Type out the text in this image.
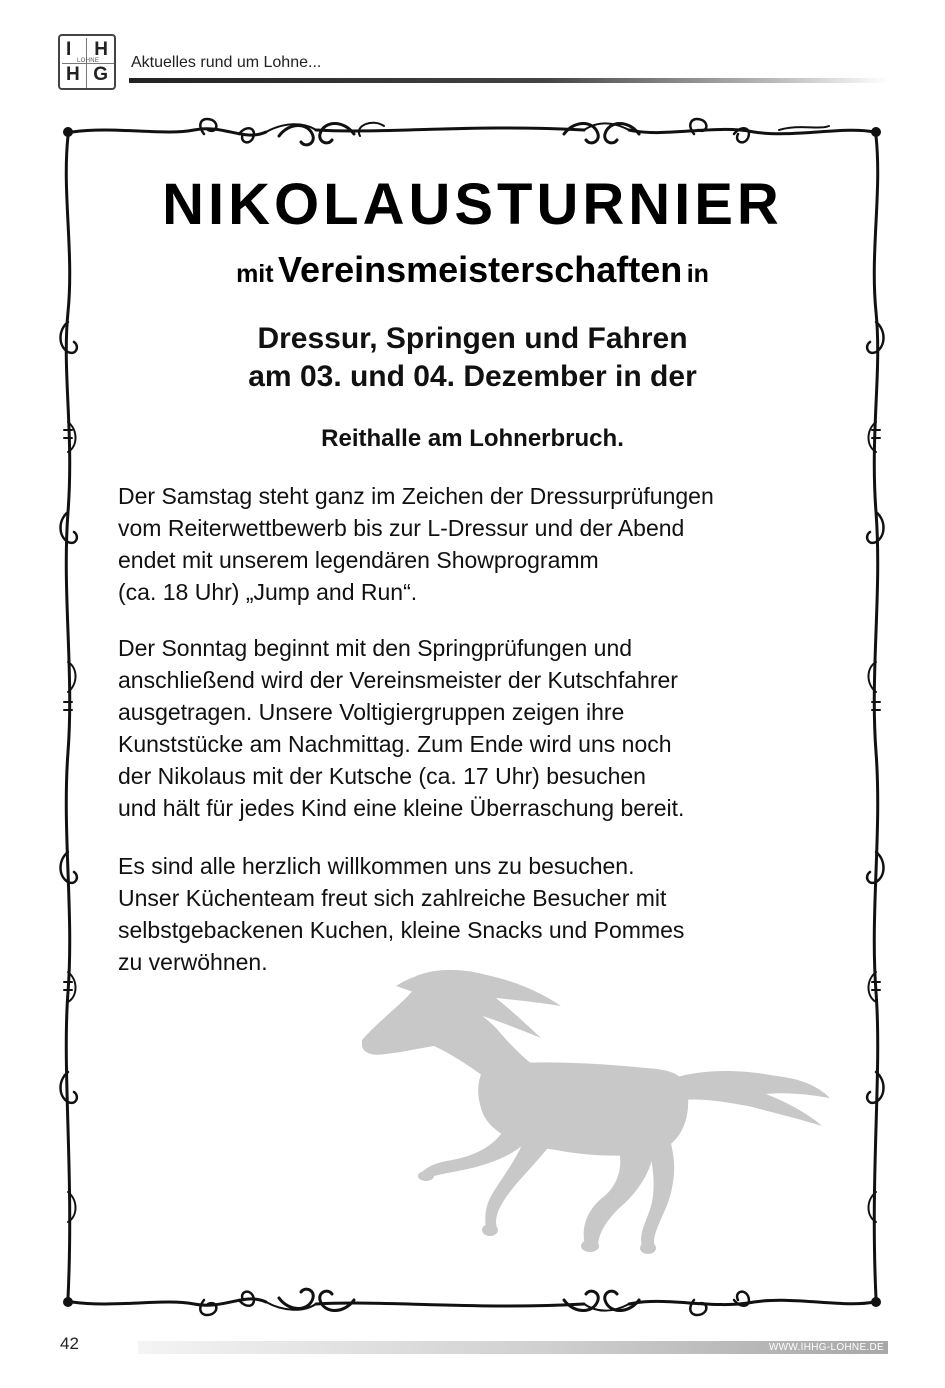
I H
H G
LOHNE Aktuelles rund um Lohne...
NIKOLAUSTURNIER
mit Vereinsmeisterschaften in
Dressur, Springen und Fahren
am 03. und 04. Dezember in der
Reithalle am Lohnerbruch.
Der Samstag steht ganz im Zeichen der Dressurprüfungen
vom Reiterwettbewerb bis zur L-Dressur und der Abend
endet mit unserem legendären Showprogramm
(ca. 18 Uhr) „Jump and Run“.
Der Sonntag beginnt mit den Springprüfungen und
anschließend wird der Vereinsmeister der Kutschfahrer
ausgetragen. Unsere Voltigiergruppen zeigen ihre
Kunststücke am Nachmittag. Zum Ende wird uns noch
der Nikolaus mit der Kutsche (ca. 17 Uhr) besuchen
und hält für jedes Kind eine kleine Überraschung bereit.
Es sind alle herzlich willkommen uns zu besuchen.
Unser Küchenteam freut sich zahlreiche Besucher mit
selbstgebackenen Kuchen, kleine Snacks und Pommes
zu verwöhnen.
42	WWW.IHHG-LOHNE.DE
